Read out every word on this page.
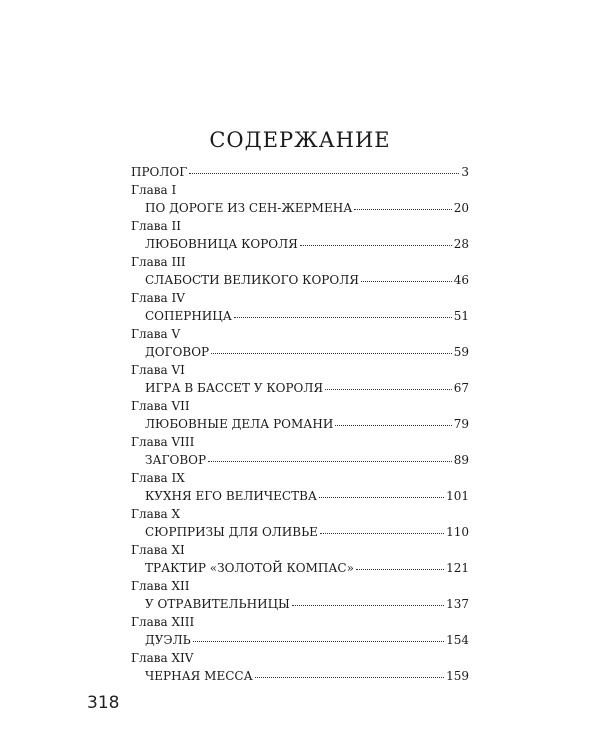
СОДЕРЖАНИЕ
ПРОЛОГ	3
Глава I
ПО ДОРОГЕ ИЗ СЕН-ЖЕРМЕНА	20
Глава II
ЛЮБОВНИЦА КОРОЛЯ	28
Глава III
СЛАБОСТИ ВЕЛИКОГО КОРОЛЯ	46
Глава IV
СОПЕРНИЦА	51
Глава V
ДОГОВОР	59
Глава VI
ИГРА В БАССЕТ У КОРОЛЯ	67
Глава VII
ЛЮБОВНЫЕ ДЕЛА РОМАНИ	79
Глава VIII
ЗАГОВОР	89
Глава IX
КУХНЯ ЕГО ВЕЛИЧЕСТВА	101
Глава X
СЮРПРИЗЫ ДЛЯ ОЛИВЬЕ	110
Глава XI
ТРАКТИР «ЗОЛОТОЙ КОМПАС»	121
Глава XII
У ОТРАВИТЕЛЬНИЦЫ	137
Глава XIII
ДУЭЛЬ	154
Глава XIV
ЧЕРНАЯ МЕССА	159
318
